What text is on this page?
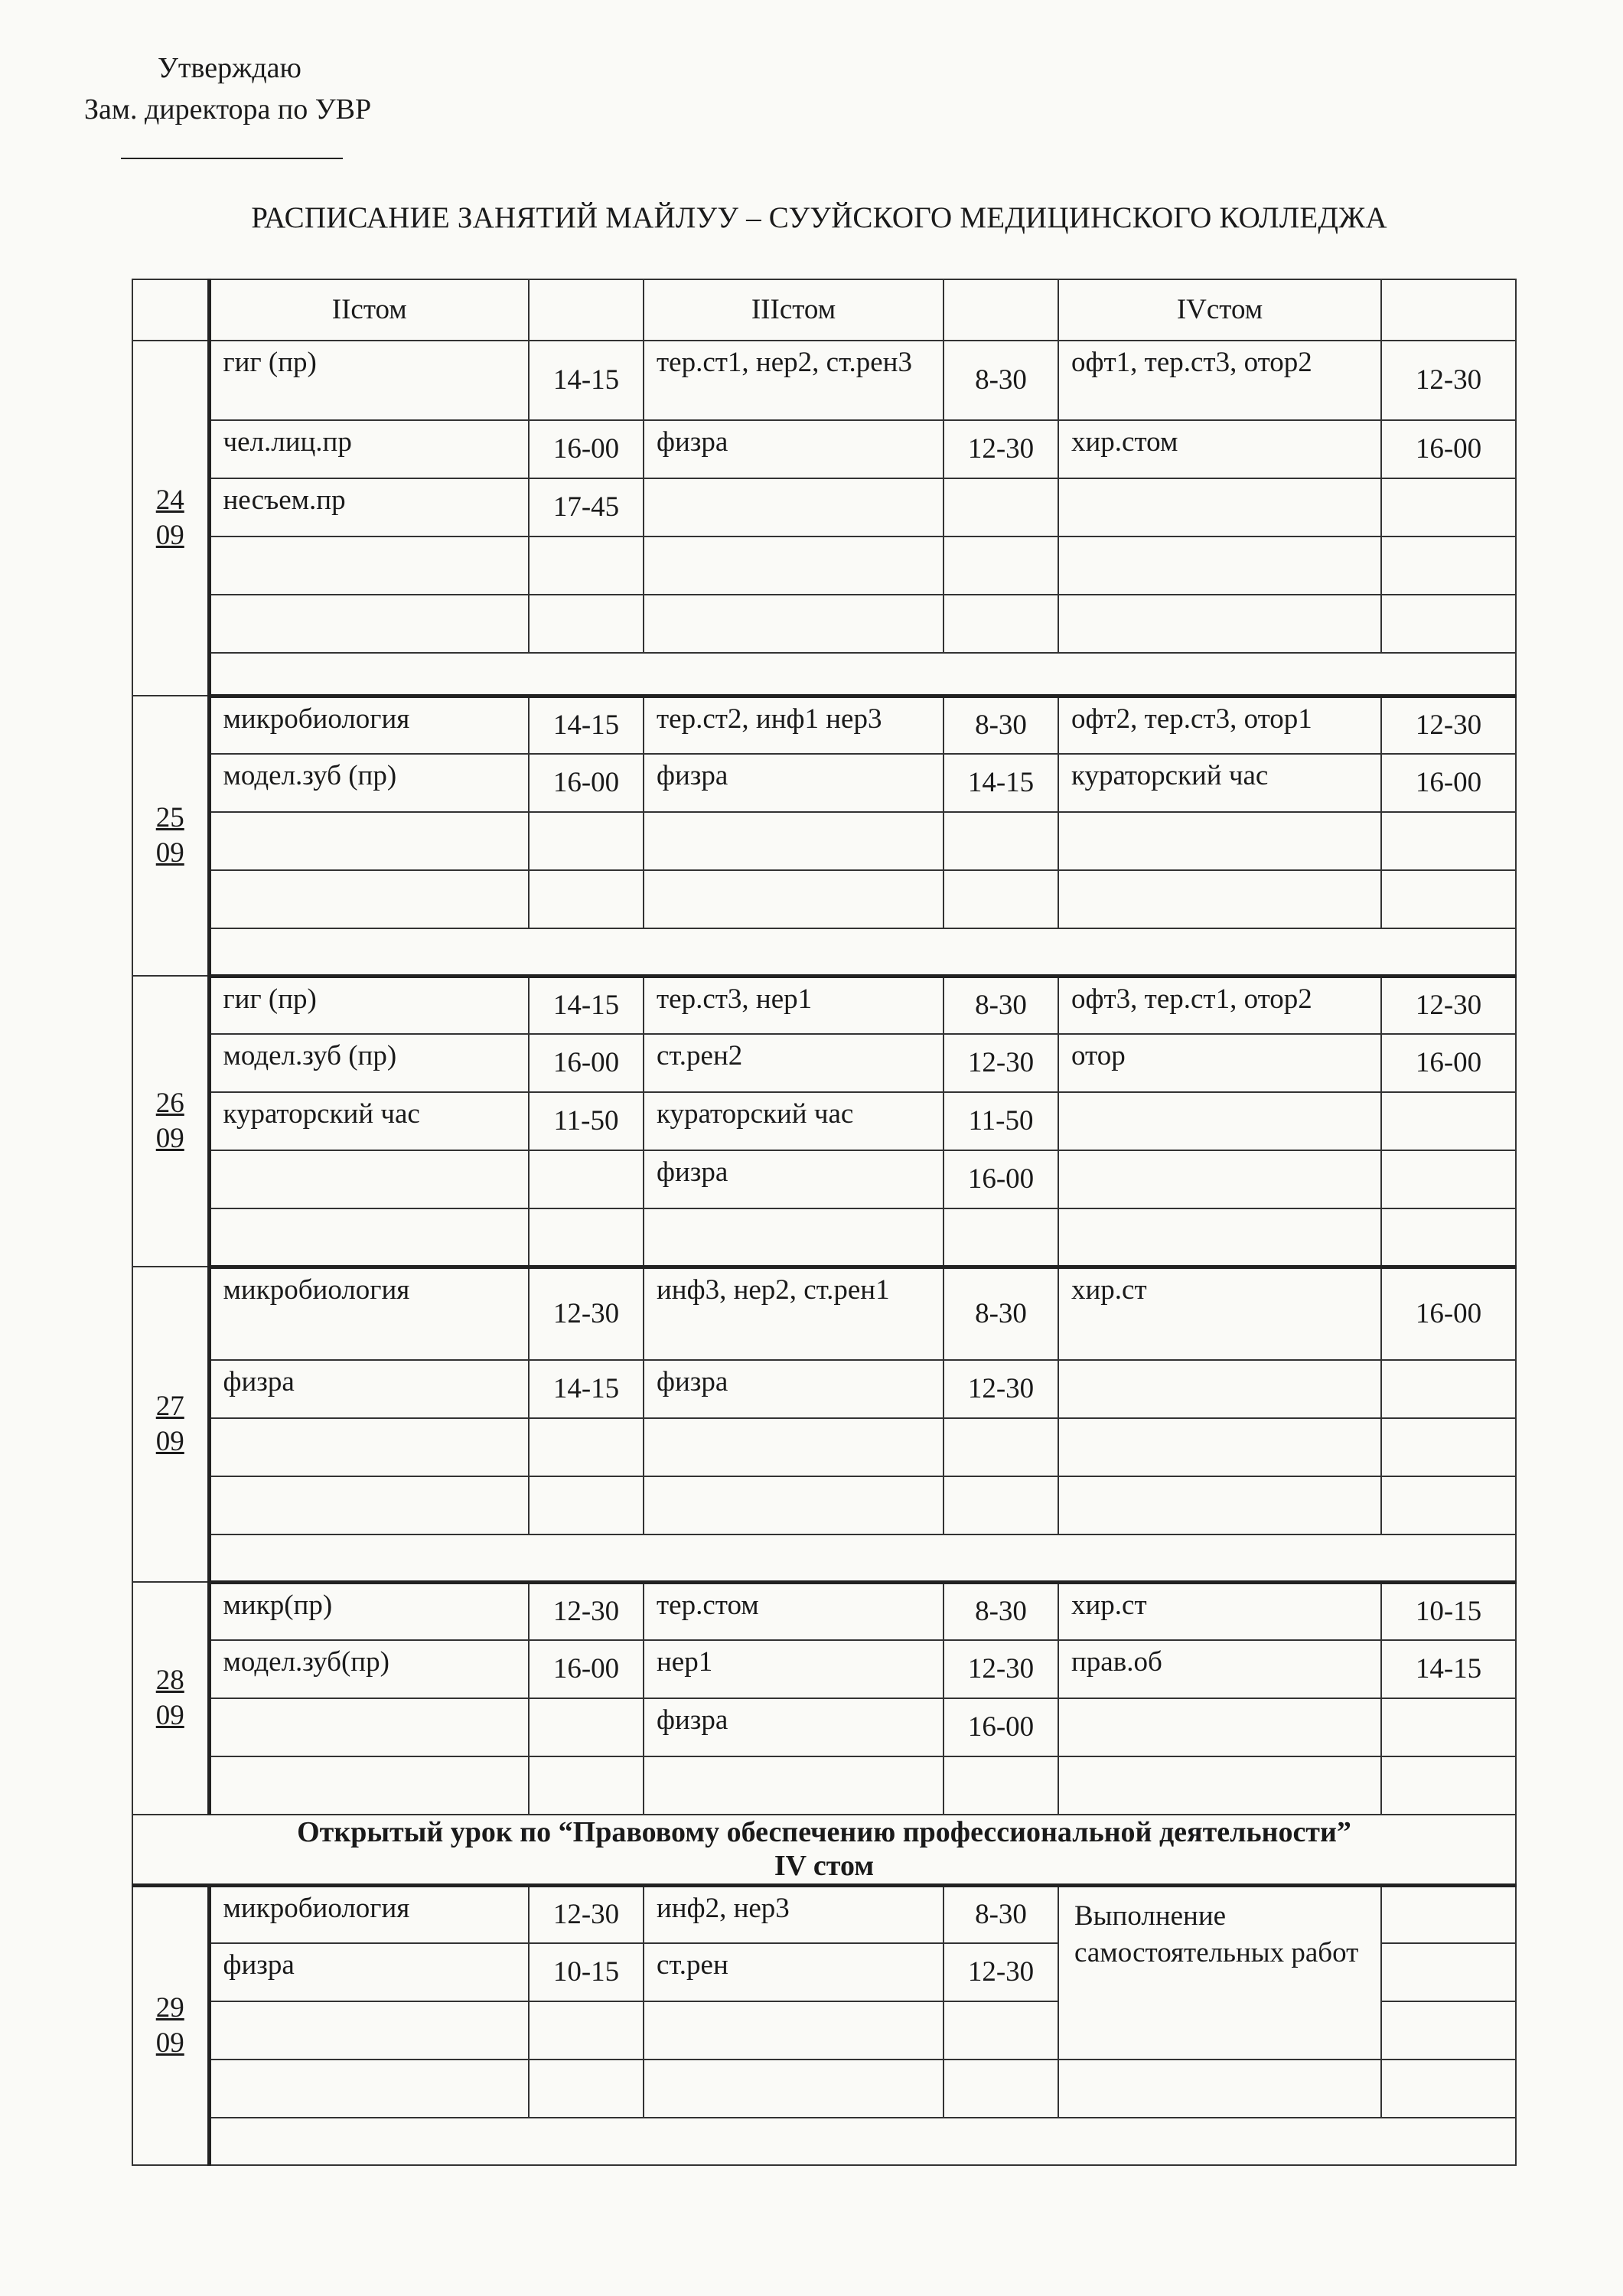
Утверждаю
Зам. директора по УВР
РАСПИСАНИЕ ЗАНЯТИЙ МАЙЛУУ – СУУЙСКОГО МЕДИЦИНСКОГО КОЛЛЕДЖА
	IIстом		IIIстом		IVстом	

24
09	гиг (пр)	14-15	тер.ст1, нер2, ст.рен3	8-30	офт1, тер.ст3, отор2	12-30
	чел.лиц.пр	16-00	физра	12-30	хир.стом	16-00
	несъем.пр	17-45				

25
09	микробиология	14-15	тер.ст2, инф1 нер3	8-30	офт2, тер.ст3, отор1	12-30
	модел.зуб (пр)	16-00	физра	14-15	кураторский час	16-00

26
09	гиг (пр)	14-15	тер.ст3, нер1	8-30	офт3, тер.ст1, отор2	12-30
	модел.зуб (пр)	16-00	ст.рен2	12-30	отор	16-00
	кураторский час	11-50	кураторский час	11-50		
			физра	16-00		

27
09	микробиология	12-30	инф3, нер2, ст.рен1	8-30	хир.ст	16-00
	физра	14-15	физра	12-30		

28
09	микр(пр)	12-30	тер.стом	8-30	хир.ст	10-15
	модел.зуб(пр)	16-00	нер1	12-30	прав.об	14-15
			физра	16-00		

Открытый урок по “Правовому обеспечению профессиональной деятельности”
IV стом						

29
09	микробиология	12-30	инф2, нер3	8-30	Выполнение самостоятельных работ	
	физра	10-15	ст.рен	12-30		
